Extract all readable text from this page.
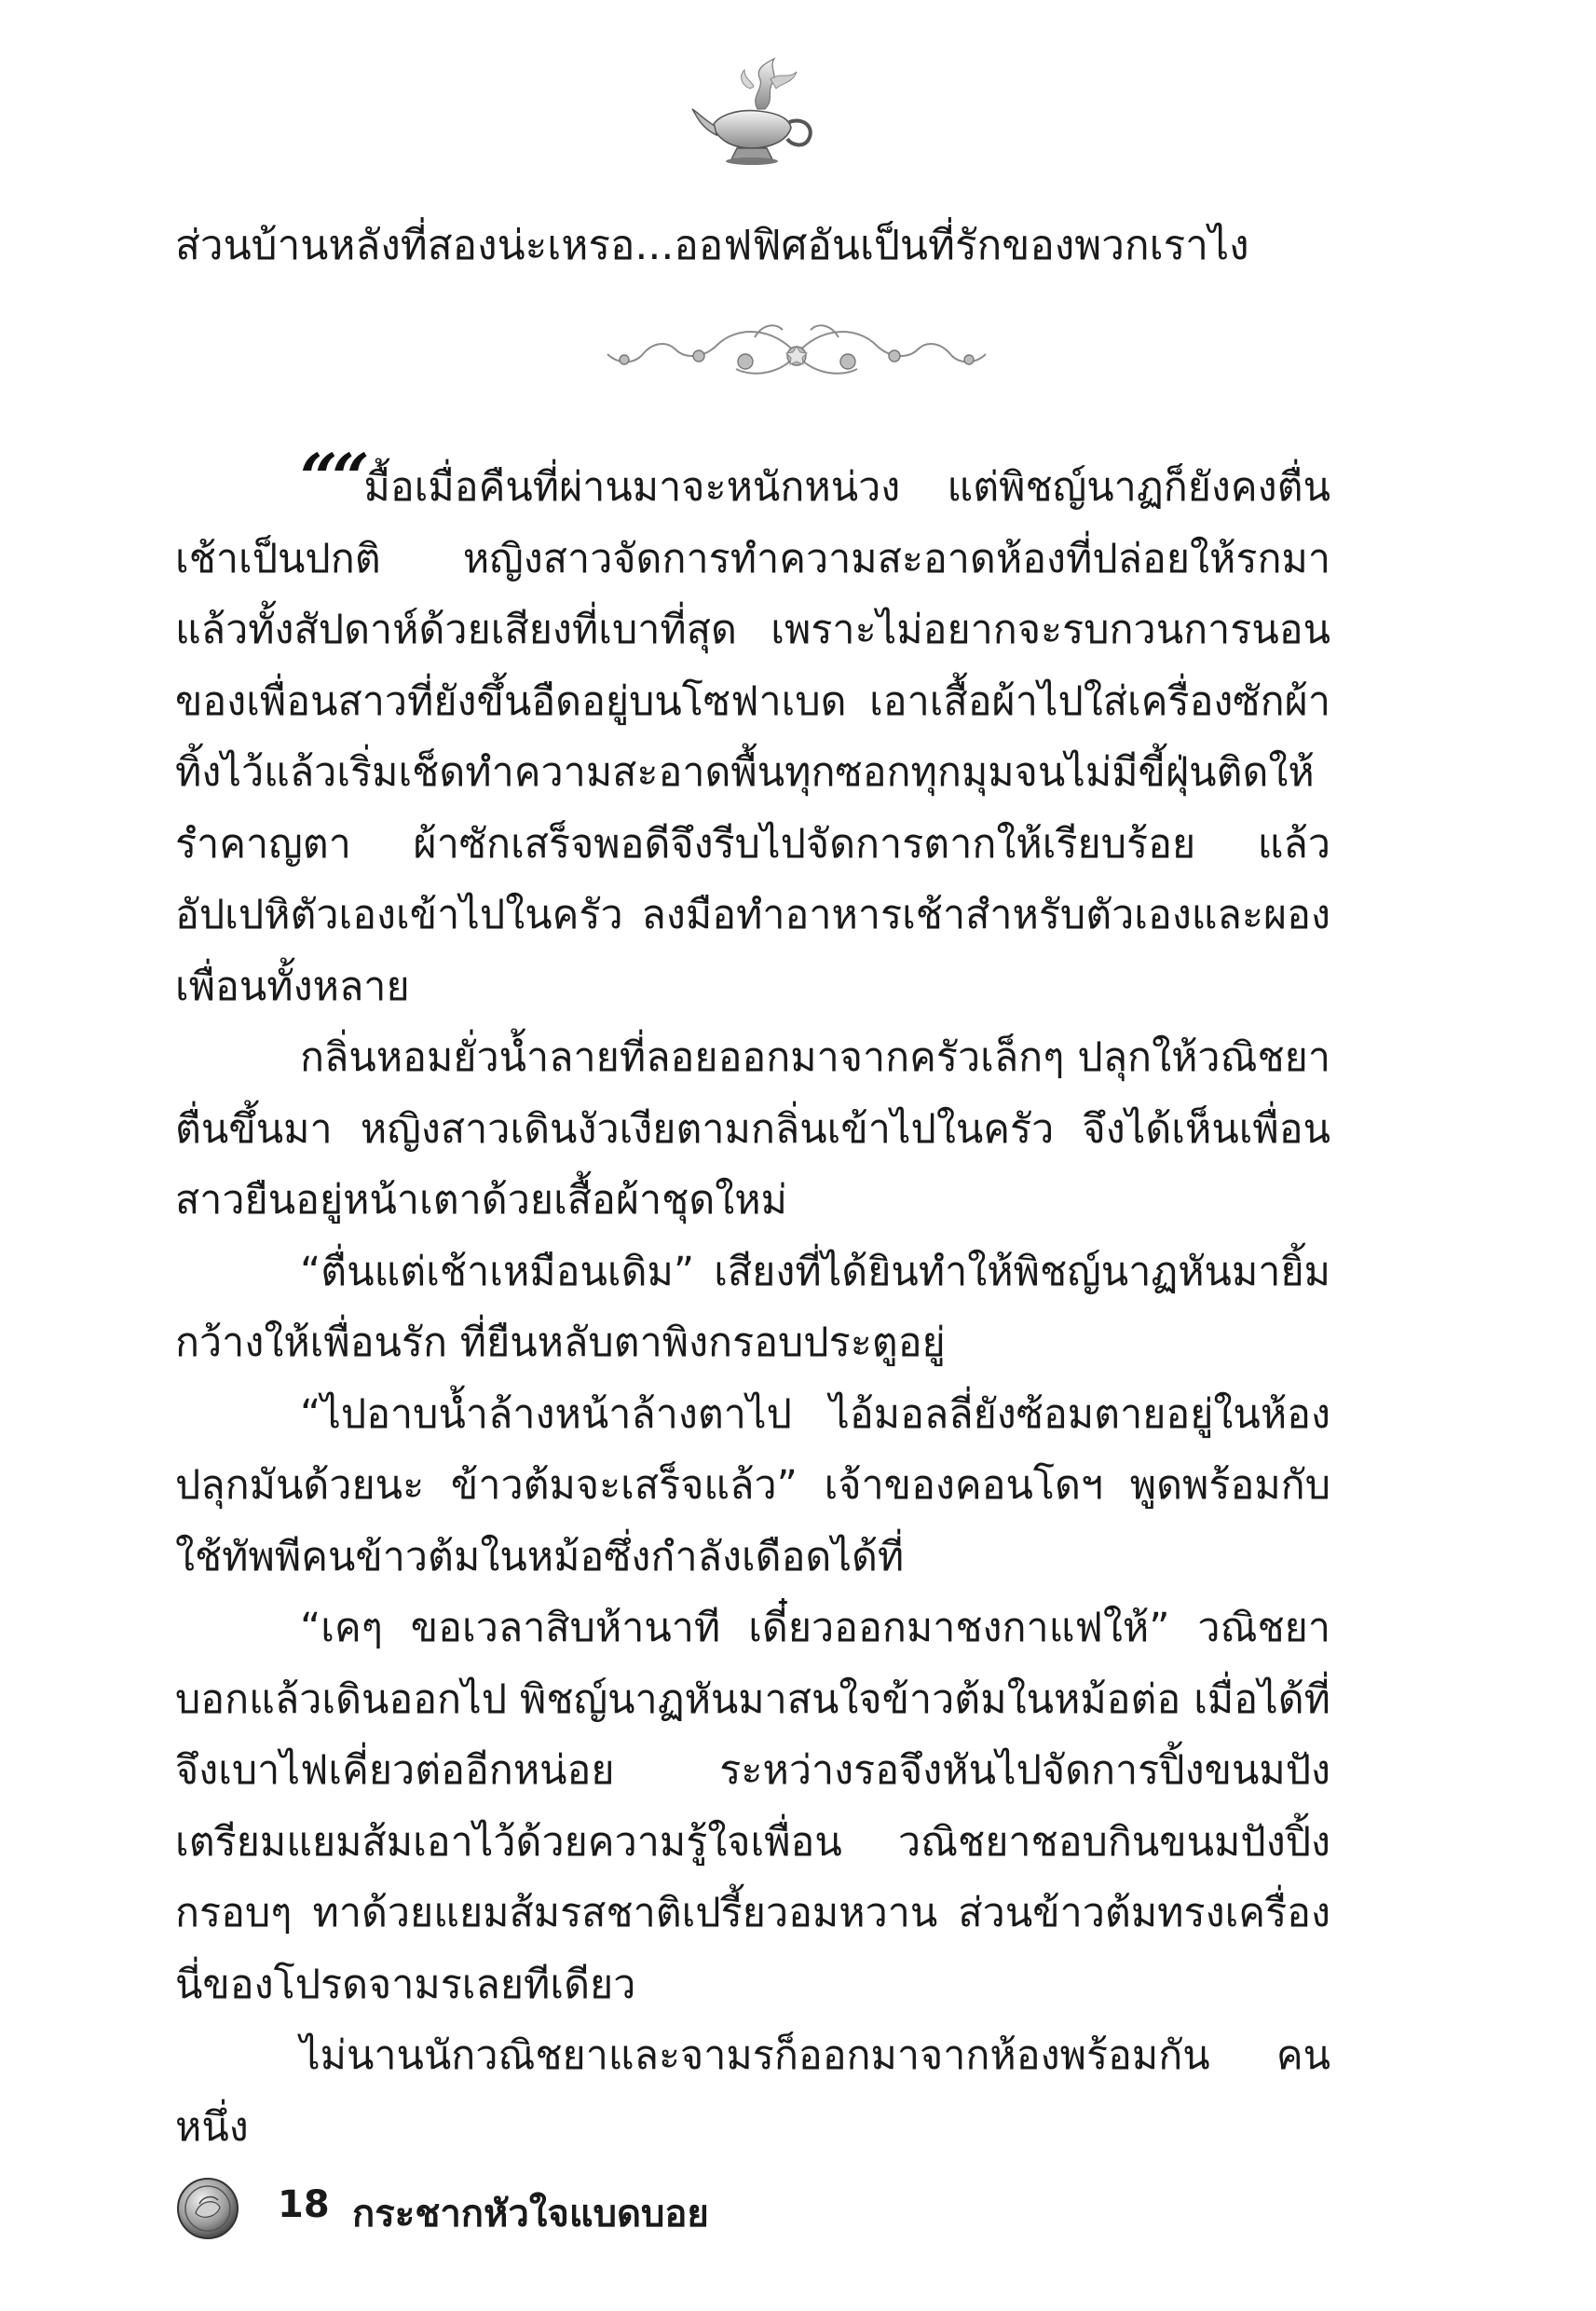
ส่วนบ้านหลังที่สองน่ะเหรอ...ออฟฟิศอันเป็นที่รักของพวกเราไง

““มื้อเมื่อคืนที่ผ่านมาจะหนักหน่วง แต่พิชญ์นาฏก็ยังคงตื่นเช้าเป็นปกติ หญิงสาวจัดการทำความสะอาดห้องที่ปล่อยให้รกมาแล้วทั้งสัปดาห์ด้วยเสียงที่เบาที่สุด เพราะไม่อยากจะรบกวนการนอนของเพื่อนสาวที่ยังขึ้นอืดอยู่บนโซฟาเบด เอาเสื้อผ้าไปใส่เครื่องซักผ้าทิ้งไว้แล้วเริ่มเช็ดทำความสะอาดพื้นทุกซอกทุกมุมจนไม่มีขี้ฝุ่นติดให้รำคาญตา ผ้าซักเสร็จพอดีจึงรีบไปจัดการตากให้เรียบร้อย แล้วอัปเปหิตัวเองเข้าไปในครัว ลงมือทำอาหารเช้าสำหรับตัวเองและผองเพื่อนทั้งหลาย

กลิ่นหอมยั่วน้ำลายที่ลอยออกมาจากครัวเล็กๆ ปลุกให้วณิชยาตื่นขึ้นมา หญิงสาวเดินงัวเงียตามกลิ่นเข้าไปในครัว จึงได้เห็นเพื่อนสาวยืนอยู่หน้าเตาด้วยเสื้อผ้าชุดใหม่

“ตื่นแต่เช้าเหมือนเดิม” เสียงที่ได้ยินทำให้พิชญ์นาฏหันมายิ้มกว้างให้เพื่อนรัก ที่ยืนหลับตาพิงกรอบประตูอยู่

“ไปอาบน้ำล้างหน้าล้างตาไป ไอ้มอลลี่ยังซ้อมตายอยู่ในห้อง ปลุกมันด้วยนะ ข้าวต้มจะเสร็จแล้ว” เจ้าของคอนโดฯ พูดพร้อมกับใช้ทัพพีคนข้าวต้มในหม้อซึ่งกำลังเดือดได้ที่

“เคๆ ขอเวลาสิบห้านาที เดี๋ยวออกมาชงกาแฟให้” วณิชยาบอกแล้วเดินออกไป พิชญ์นาฏหันมาสนใจข้าวต้มในหม้อต่อ เมื่อได้ที่จึงเบาไฟเคี่ยวต่ออีกหน่อย ระหว่างรอจึงหันไปจัดการปิ้งขนมปัง เตรียมแยมส้มเอาไว้ด้วยความรู้ใจเพื่อน วณิชยาชอบกินขนมปังปิ้งกรอบๆ ทาด้วยแยมส้มรสชาติเปรี้ยวอมหวาน ส่วนข้าวต้มทรงเครื่องนี่ของโปรดจามรเลยทีเดียว

ไม่นานนักวณิชยาและจามรก็ออกมาจากห้องพร้อมกัน คนหนึ่ง

18 กระชากหัวใจแบดบอย
